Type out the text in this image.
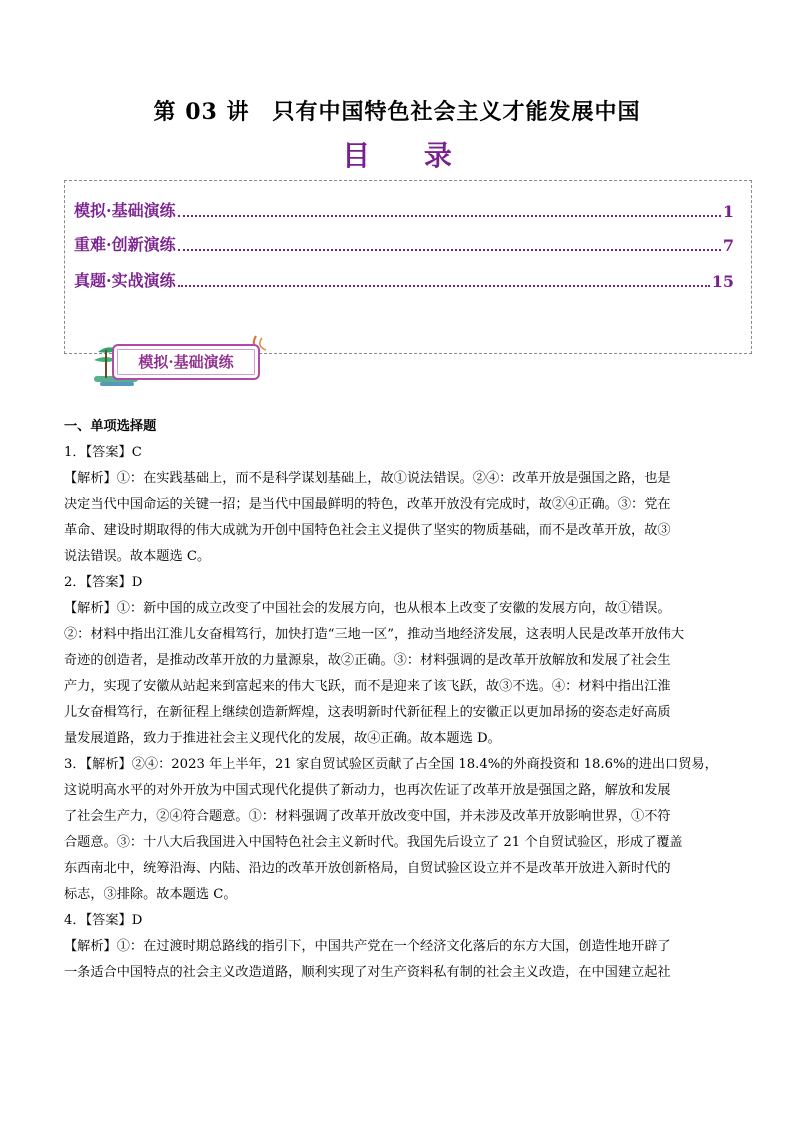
第 03 讲　只有中国特色社会主义才能发展中国
目 录
模拟·基础演练	1
重难·创新演练	7
真题·实战演练	15
模拟·基础演练

一、单项选择题

1．【答案】C

【解析】①：在实践基础上，而不是科学谋划基础上，故①说法错误。②④：改革开放是强国之路，也是

决定当代中国命运的关键一招；是当代中国最鲜明的特色，改革开放没有完成时，故②④正确。③：党在

革命、建设时期取得的伟大成就为开创中国特色社会主义提供了坚实的物质基础，而不是改革开放，故③

说法错误。故本题选 C。

2．【答案】D

【解析】①：新中国的成立改变了中国社会的发展方向，也从根本上改变了安徽的发展方向，故①错误。

②：材料中指出江淮儿女奋楫笃行，加快打造“三地一区”，推动当地经济发展，这表明人民是改革开放伟大

奇迹的创造者，是推动改革开放的力量源泉，故②正确。③：材料强调的是改革开放解放和发展了社会生

产力，实现了安徽从站起来到富起来的伟大飞跃，而不是迎来了该飞跃，故③不选。④：材料中指出江淮

儿女奋楫笃行，在新征程上继续创造新辉煌，这表明新时代新征程上的安徽正以更加昂扬的姿态走好高质

量发展道路，致力于推进社会主义现代化的发展，故④正确。故本题选 D。

3．【解析】②④：2023 年上半年，21 家自贸试验区贡献了占全国 18.4%的外商投资和 18.6%的进出口贸易，

这说明高水平的对外开放为中国式现代化提供了新动力，也再次佐证了改革开放是强国之路，解放和发展

了社会生产力，②④符合题意。①：材料强调了改革开放改变中国，并未涉及改革开放影响世界，①不符

合题意。③：十八大后我国进入中国特色社会主义新时代。我国先后设立了 21 个自贸试验区，形成了覆盖

东西南北中，统筹沿海、内陆、沿边的改革开放创新格局，自贸试验区设立并不是改革开放进入新时代的

标志，③排除。故本题选 C。

4．【答案】D

【解析】①：在过渡时期总路线的指引下，中国共产党在一个经济文化落后的东方大国，创造性地开辟了

一条适合中国特点的社会主义改造道路，顺利实现了对生产资料私有制的社会主义改造，在中国建立起社
